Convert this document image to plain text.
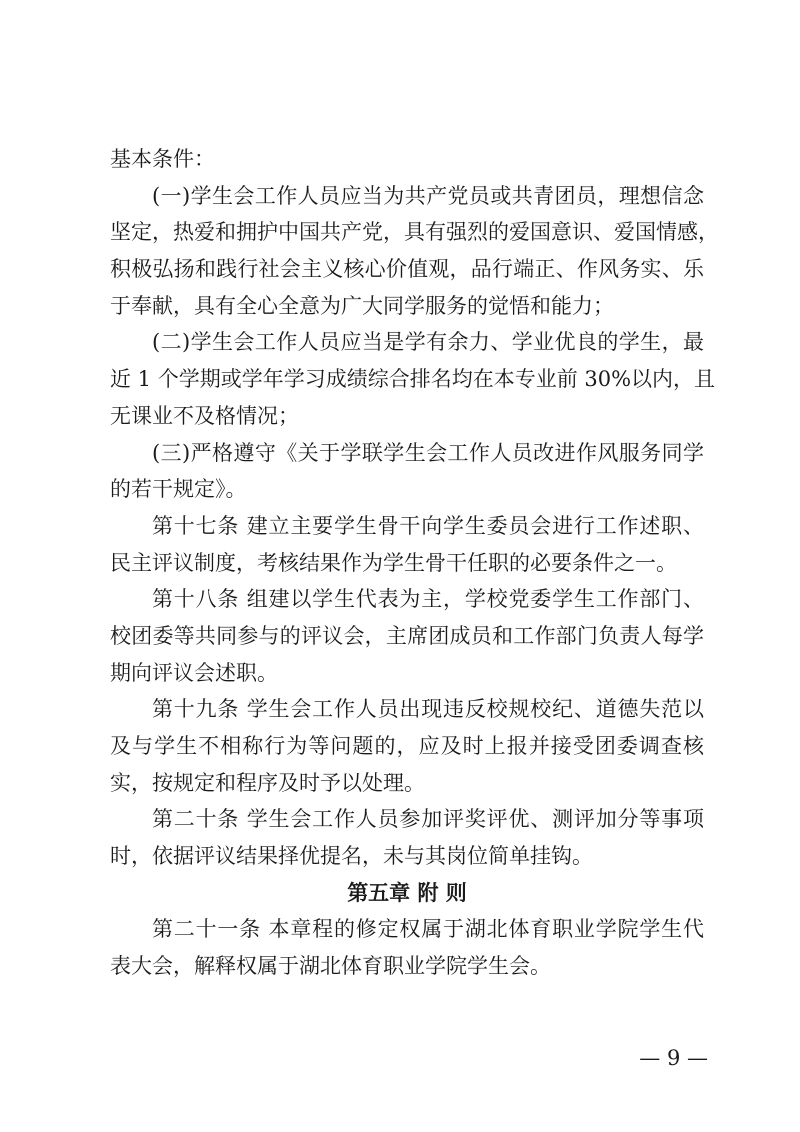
基本条件：
(一)学生会工作人员应当为共产党员或共青团员，理想信念
坚定，热爱和拥护中国共产党，具有强烈的爱国意识、爱国情感，
积极弘扬和践行社会主义核心价值观，品行端正、作风务实、乐
于奉献，具有全心全意为广大同学服务的觉悟和能力；
(二)学生会工作人员应当是学有余力、学业优良的学生，最
近 1 个学期或学年学习成绩综合排名均在本专业前 30%以内，且
无课业不及格情况；
(三)严格遵守《关于学联学生会工作人员改进作风服务同学
的若干规定》。
第十七条 建立主要学生骨干向学生委员会进行工作述职、
民主评议制度，考核结果作为学生骨干任职的必要条件之一。
第十八条 组建以学生代表为主，学校党委学生工作部门、
校团委等共同参与的评议会，主席团成员和工作部门负责人每学
期向评议会述职。
第十九条 学生会工作人员出现违反校规校纪、道德失范以
及与学生不相称行为等问题的，应及时上报并接受团委调查核
实，按规定和程序及时予以处理。
第二十条 学生会工作人员参加评奖评优、测评加分等事项
时，依据评议结果择优提名，未与其岗位简单挂钩。
第五章 附 则
第二十一条 本章程的修定权属于湖北体育职业学院学生代
表大会，解释权属于湖北体育职业学院学生会。
— 9 —
